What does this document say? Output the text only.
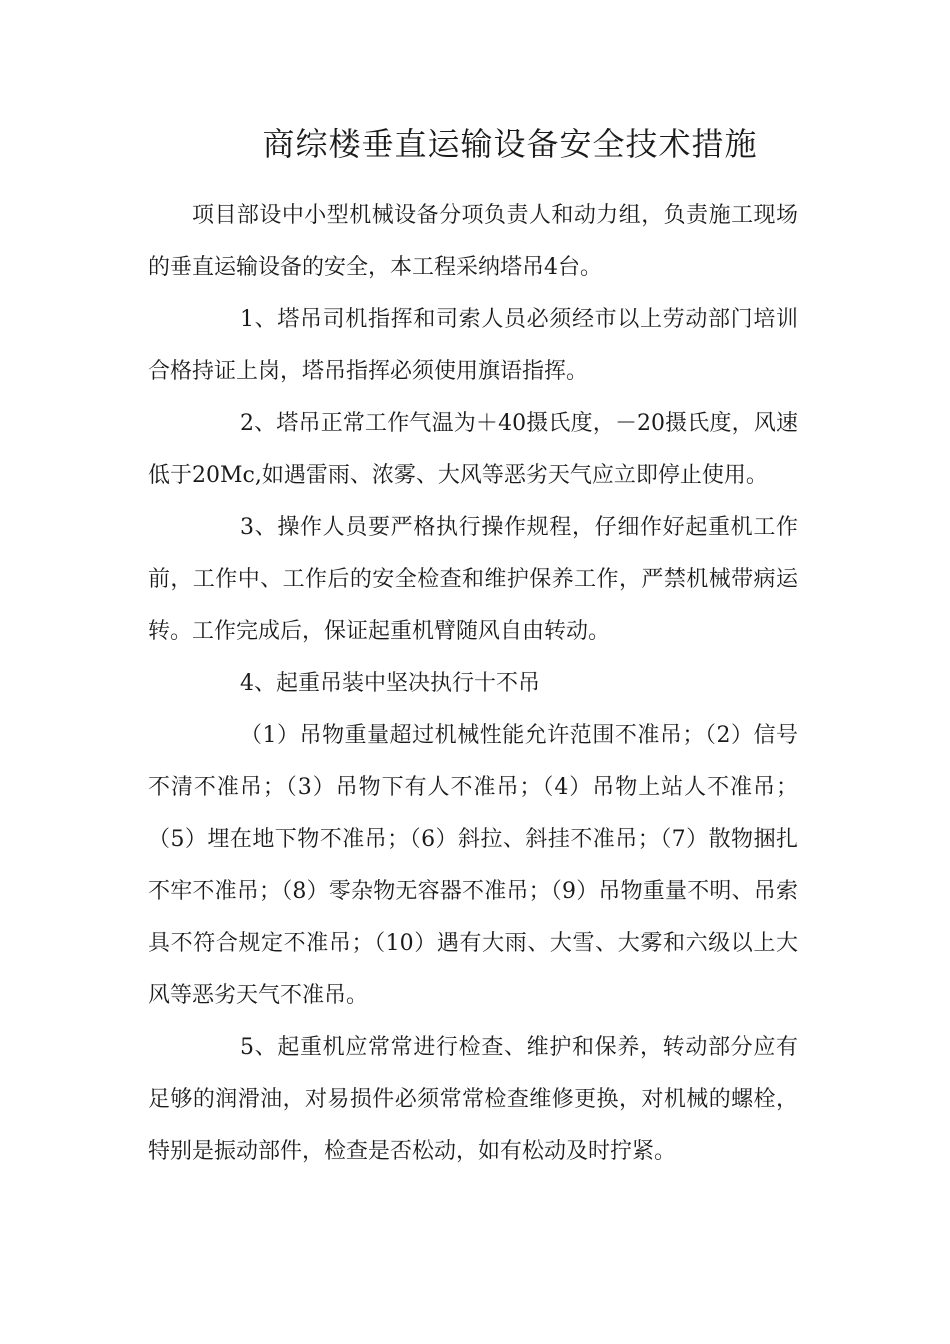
商综楼垂直运输设备安全技术措施

项目部设中小型机械设备分项负责人和动力组，负责施工现场的垂直运输设备的安全，本工程采纳塔吊4台。

1、塔吊司机指挥和司索人员必须经市以上劳动部门培训合格持证上岗，塔吊指挥必须使用旗语指挥。

2、塔吊正常工作气温为＋40摄氏度，－20摄氏度，风速低于20Mc,如遇雷雨、浓雾、大风等恶劣天气应立即停止使用。

3、操作人员要严格执行操作规程，仔细作好起重机工作前，工作中、工作后的安全检查和维护保养工作，严禁机械带病运转。工作完成后，保证起重机臂随风自由转动。

4、起重吊装中坚决执行十不吊

（1）吊物重量超过机械性能允许范围不准吊；（2）信号不清不准吊；（3）吊物下有人不准吊；（4）吊物上站人不准吊；（5）埋在地下物不准吊；（6）斜拉、斜挂不准吊；（7）散物捆扎不牢不准吊；（8）零杂物无容器不准吊；（9）吊物重量不明、吊索具不符合规定不准吊；（10）遇有大雨、大雪、大雾和六级以上大风等恶劣天气不准吊。

5、起重机应常常进行检查、维护和保养，转动部分应有足够的润滑油，对易损件必须常常检查维修更换，对机械的螺栓，特别是振动部件，检查是否松动，如有松动及时拧紧。
